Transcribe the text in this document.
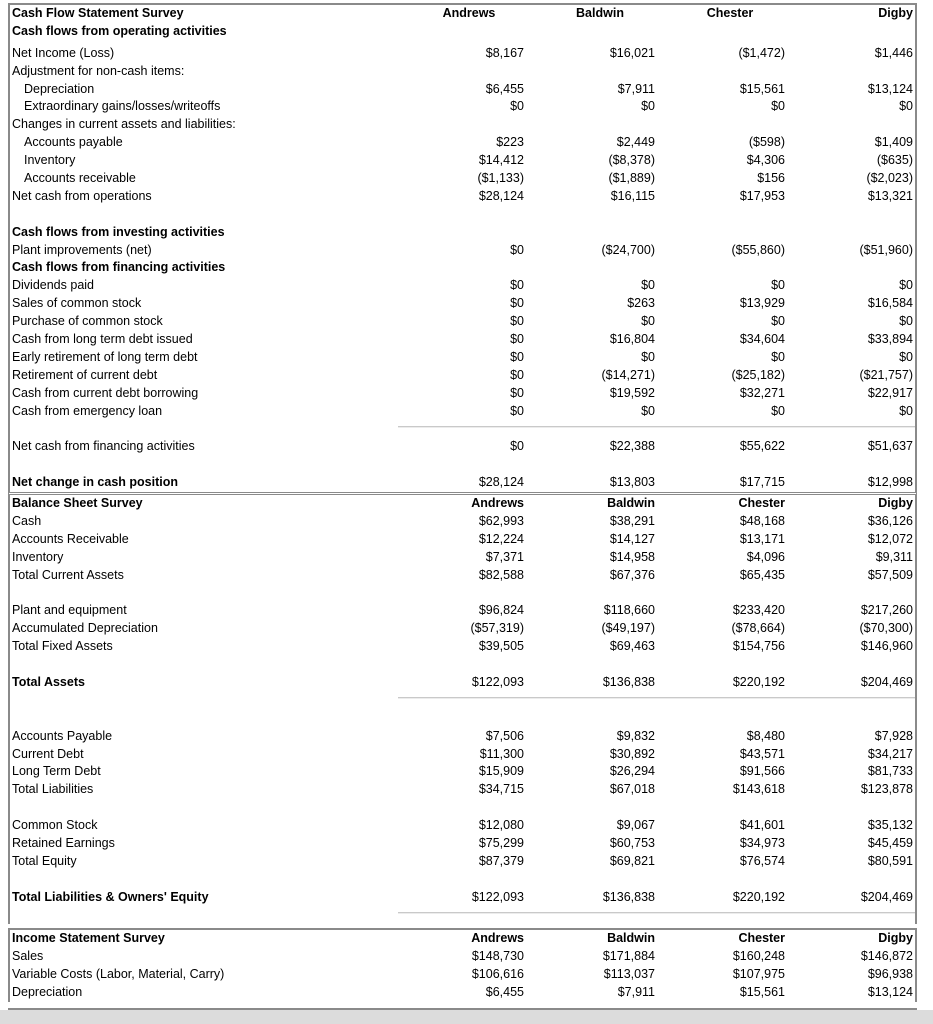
Cash Flow Statement Survey	Andrews	Baldwin	Chester	Digby
Cash flows from operating activities
Net Income (Loss)	$8,167	$16,021	($1,472)	$1,446
Adjustment for non-cash items:
Depreciation	$6,455	$7,911	$15,561	$13,124
Extraordinary gains/losses/writeoffs	$0	$0	$0	$0
Changes in current assets and liabilities:
Accounts payable	$223	$2,449	($598)	$1,409
Inventory	$14,412	($8,378)	$4,306	($635)
Accounts receivable	($1,133)	($1,889)	$156	($2,023)
Net cash from operations	$28,124	$16,115	$17,953	$13,321
Cash flows from investing activities
Plant improvements (net)	$0	($24,700)	($55,860)	($51,960)
Cash flows from financing activities
Dividends paid	$0	$0	$0	$0
Sales of common stock	$0	$263	$13,929	$16,584
Purchase of common stock	$0	$0	$0	$0
Cash from long term debt issued	$0	$16,804	$34,604	$33,894
Early retirement of long term debt	$0	$0	$0	$0
Retirement of current debt	$0	($14,271)	($25,182)	($21,757)
Cash from current debt borrowing	$0	$19,592	$32,271	$22,917
Cash from emergency loan	$0	$0	$0	$0
Net cash from financing activities	$0	$22,388	$55,622	$51,637
Net change in cash position	$28,124	$13,803	$17,715	$12,998
Balance Sheet Survey	Andrews	Baldwin	Chester	Digby
Cash	$62,993	$38,291	$48,168	$36,126
Accounts Receivable	$12,224	$14,127	$13,171	$12,072
Inventory	$7,371	$14,958	$4,096	$9,311
Total Current Assets	$82,588	$67,376	$65,435	$57,509
Plant and equipment	$96,824	$118,660	$233,420	$217,260
Accumulated Depreciation	($57,319)	($49,197)	($78,664)	($70,300)
Total Fixed Assets	$39,505	$69,463	$154,756	$146,960
Total Assets	$122,093	$136,838	$220,192	$204,469
Accounts Payable	$7,506	$9,832	$8,480	$7,928
Current Debt	$11,300	$30,892	$43,571	$34,217
Long Term Debt	$15,909	$26,294	$91,566	$81,733
Total Liabilities	$34,715	$67,018	$143,618	$123,878
Common Stock	$12,080	$9,067	$41,601	$35,132
Retained Earnings	$75,299	$60,753	$34,973	$45,459
Total Equity	$87,379	$69,821	$76,574	$80,591
Total Liabilities & Owners' Equity	$122,093	$136,838	$220,192	$204,469
Income Statement Survey	Andrews	Baldwin	Chester	Digby
Sales	$148,730	$171,884	$160,248	$146,872
Variable Costs (Labor, Material, Carry)	$106,616	$113,037	$107,975	$96,938
Depreciation	$6,455	$7,911	$15,561	$13,124
